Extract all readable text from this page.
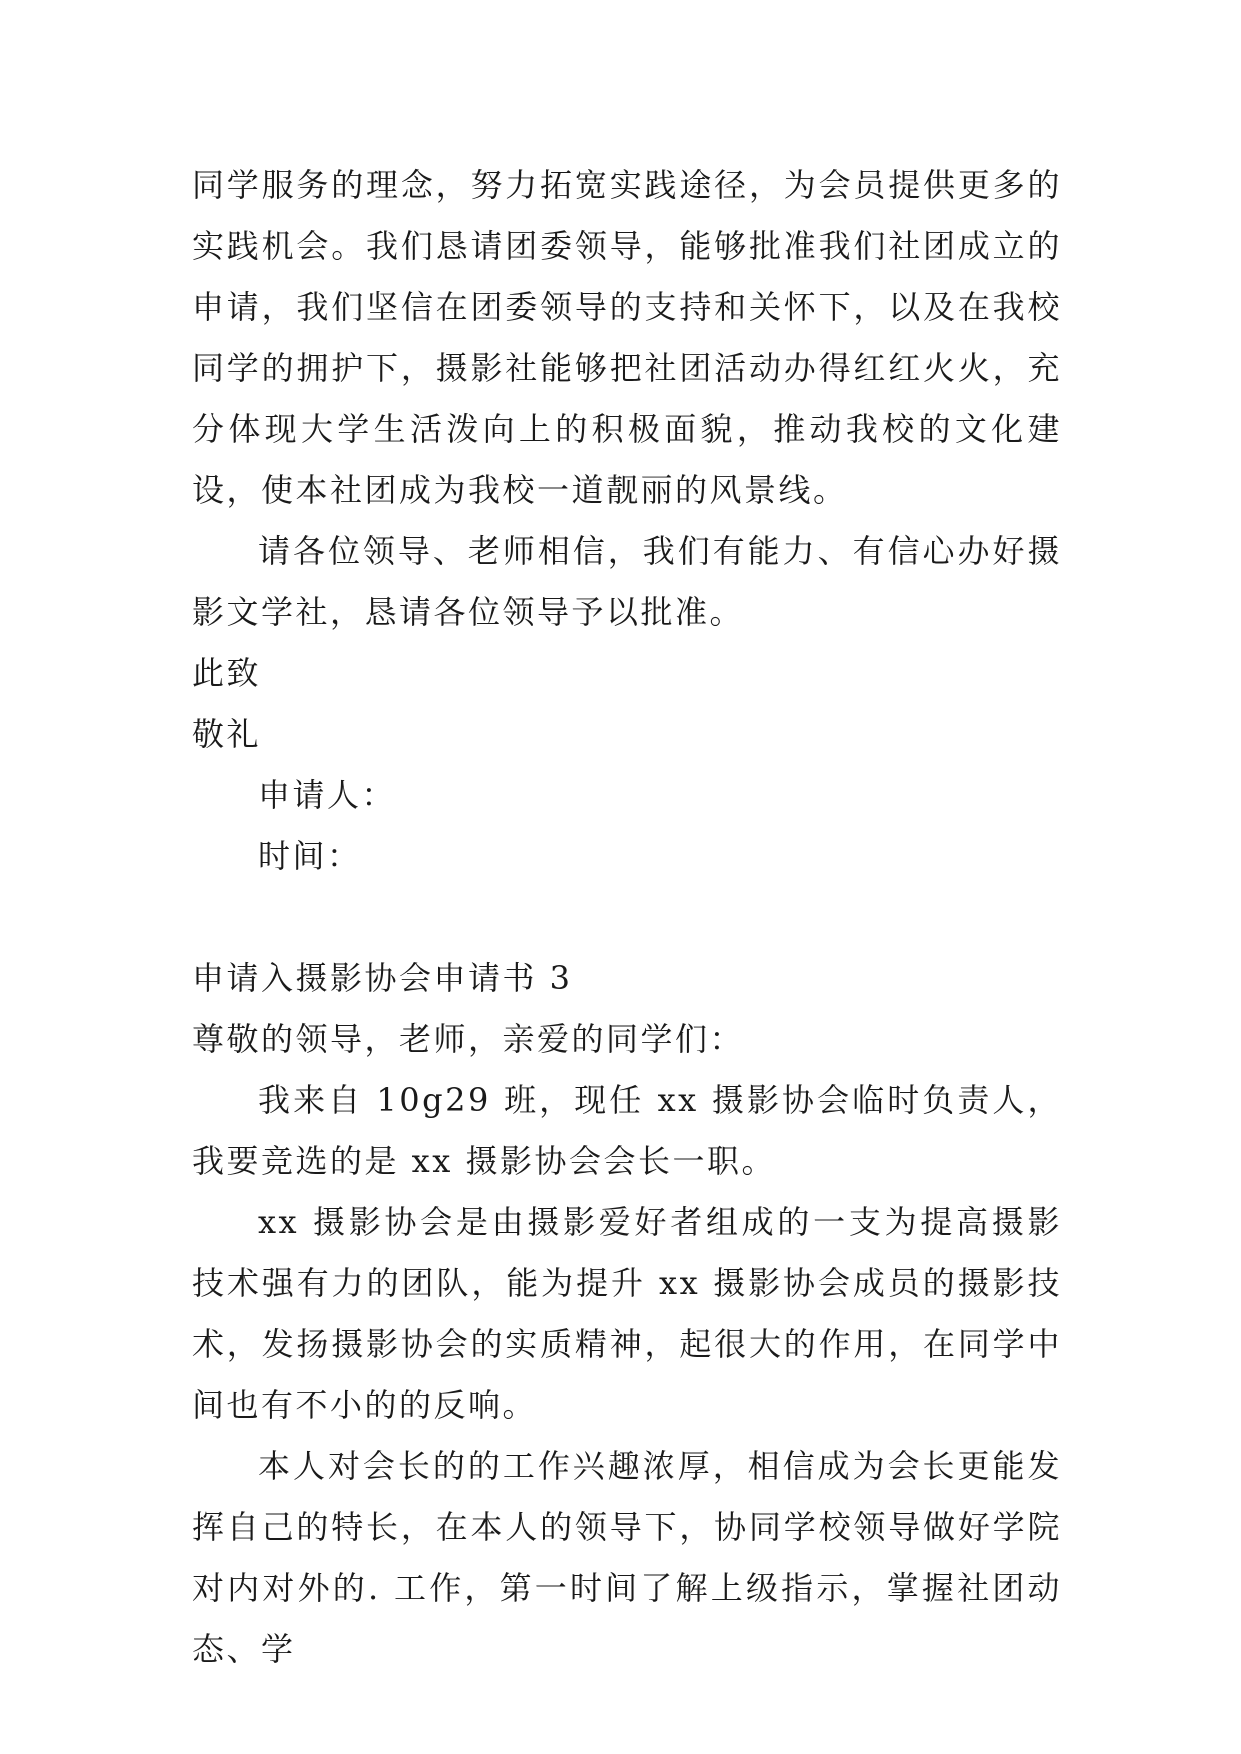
同学服务的理念，努力拓宽实践途径，为会员提供更多的实践机会。我们恳请团委领导，能够批准我们社团成立的申请，我们坚信在团委领导的支持和关怀下，以及在我校同学的拥护下，摄影社能够把社团活动办得红红火火，充分体现大学生活泼向上的积极面貌，推动我校的文化建设，使本社团成为我校一道靓丽的风景线。

请各位领导、老师相信，我们有能力、有信心办好摄影文学社，恳请各位领导予以批准。

此致

敬礼

申请人：

时间：

申请入摄影协会申请书 3

尊敬的领导，老师，亲爱的同学们：

我来自 10g29 班，现任 xx 摄影协会临时负责人，我要竞选的是 xx 摄影协会会长一职。

xx 摄影协会是由摄影爱好者组成的一支为提高摄影技术强有力的团队，能为提升 xx 摄影协会成员的摄影技术，发扬摄影协会的实质精神，起很大的作用，在同学中间也有不小的的反响。

本人对会长的的工作兴趣浓厚，相信成为会长更能发挥自己的特长，在本人的领导下，协同学校领导做好学院对内对外的. 工作，第一时间了解上级指示，掌握社团动态、学
